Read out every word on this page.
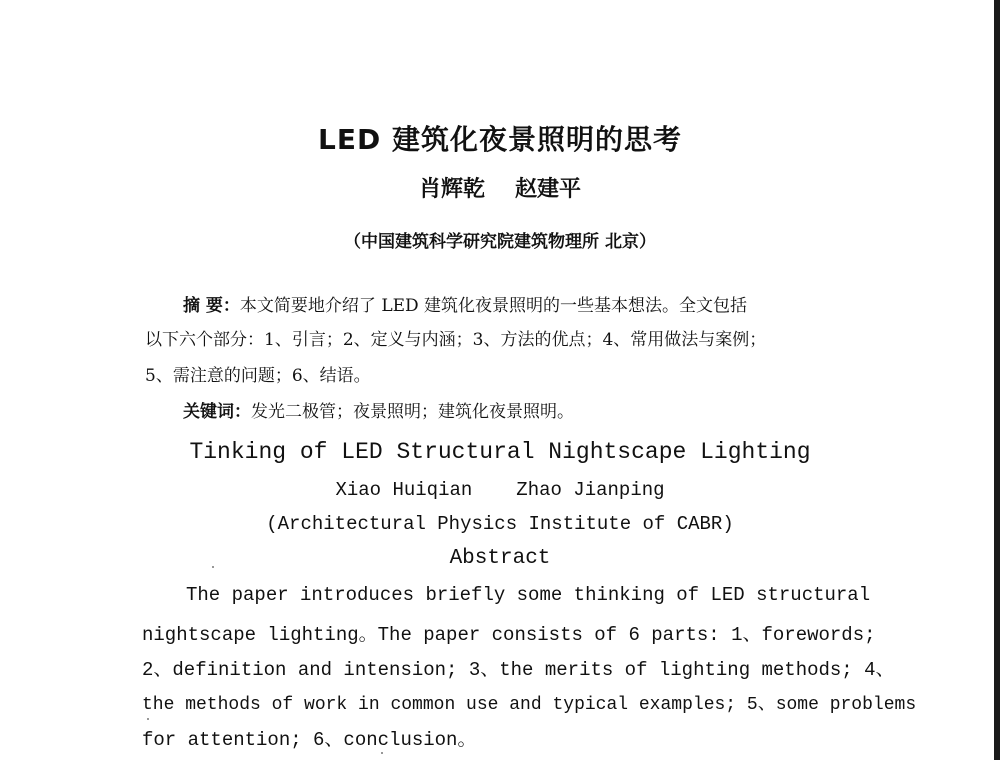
LED 建筑化夜景照明的思考
肖辉乾 赵建平
（中国建筑科学研究院建筑物理所 北京）
摘 要：本文简要地介绍了 LED 建筑化夜景照明的一些基本想法。全文包括
以下六个部分：1、引言；2、定义与内涵；3、方法的优点；4、常用做法与案例；
5、需注意的问题；6、结语。
关键词：发光二极管；夜景照明；建筑化夜景照明。
Tinking of LED Structural Nightscape Lighting
Xiao Huiqian Zhao Jianping
(Architectural Physics Institute of CABR)
Abstract
The paper introduces briefly some thinking of LED structural
nightscape lighting。The paper consists of 6 parts: 1、forewords;
2、definition and intension; 3、the merits of lighting methods; 4、
the methods of work in common use and typical examples; 5、some problems
for attention; 6、conclusion。
